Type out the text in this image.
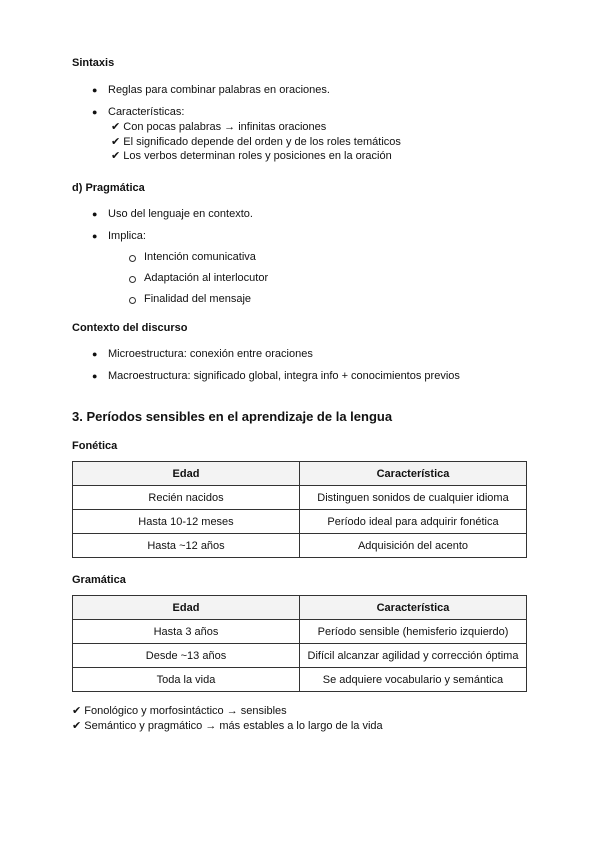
Sintaxis
● Reglas para combinar palabras en oraciones.
● Características:
✔ Con pocas palabras → infinitas oraciones
✔ El significado depende del orden y de los roles temáticos
✔ Los verbos determinan roles y posiciones en la oración
d) Pragmática
● Uso del lenguaje en contexto.
● Implica:
Intención comunicativa
Adaptación al interlocutor
Finalidad del mensaje
Contexto del discurso
● Microestructura: conexión entre oraciones
● Macroestructura: significado global, integra info + conocimientos previos
3. Períodos sensibles en el aprendizaje de la lengua
Fonética
Edad	Característica
Recién nacidos	Distinguen sonidos de cualquier idioma
Hasta 10-12 meses	Período ideal para adquirir fonética
Hasta ~12 años	Adquisición del acento
Gramática
Edad	Característica
Hasta 3 años	Período sensible (hemisferio izquierdo)
Desde ~13 años	Difícil alcanzar agilidad y corrección óptima
Toda la vida	Se adquiere vocabulario y semántica
✔ Fonológico y morfosintáctico → sensibles
✔ Semántico y pragmático → más estables a lo largo de la vida
